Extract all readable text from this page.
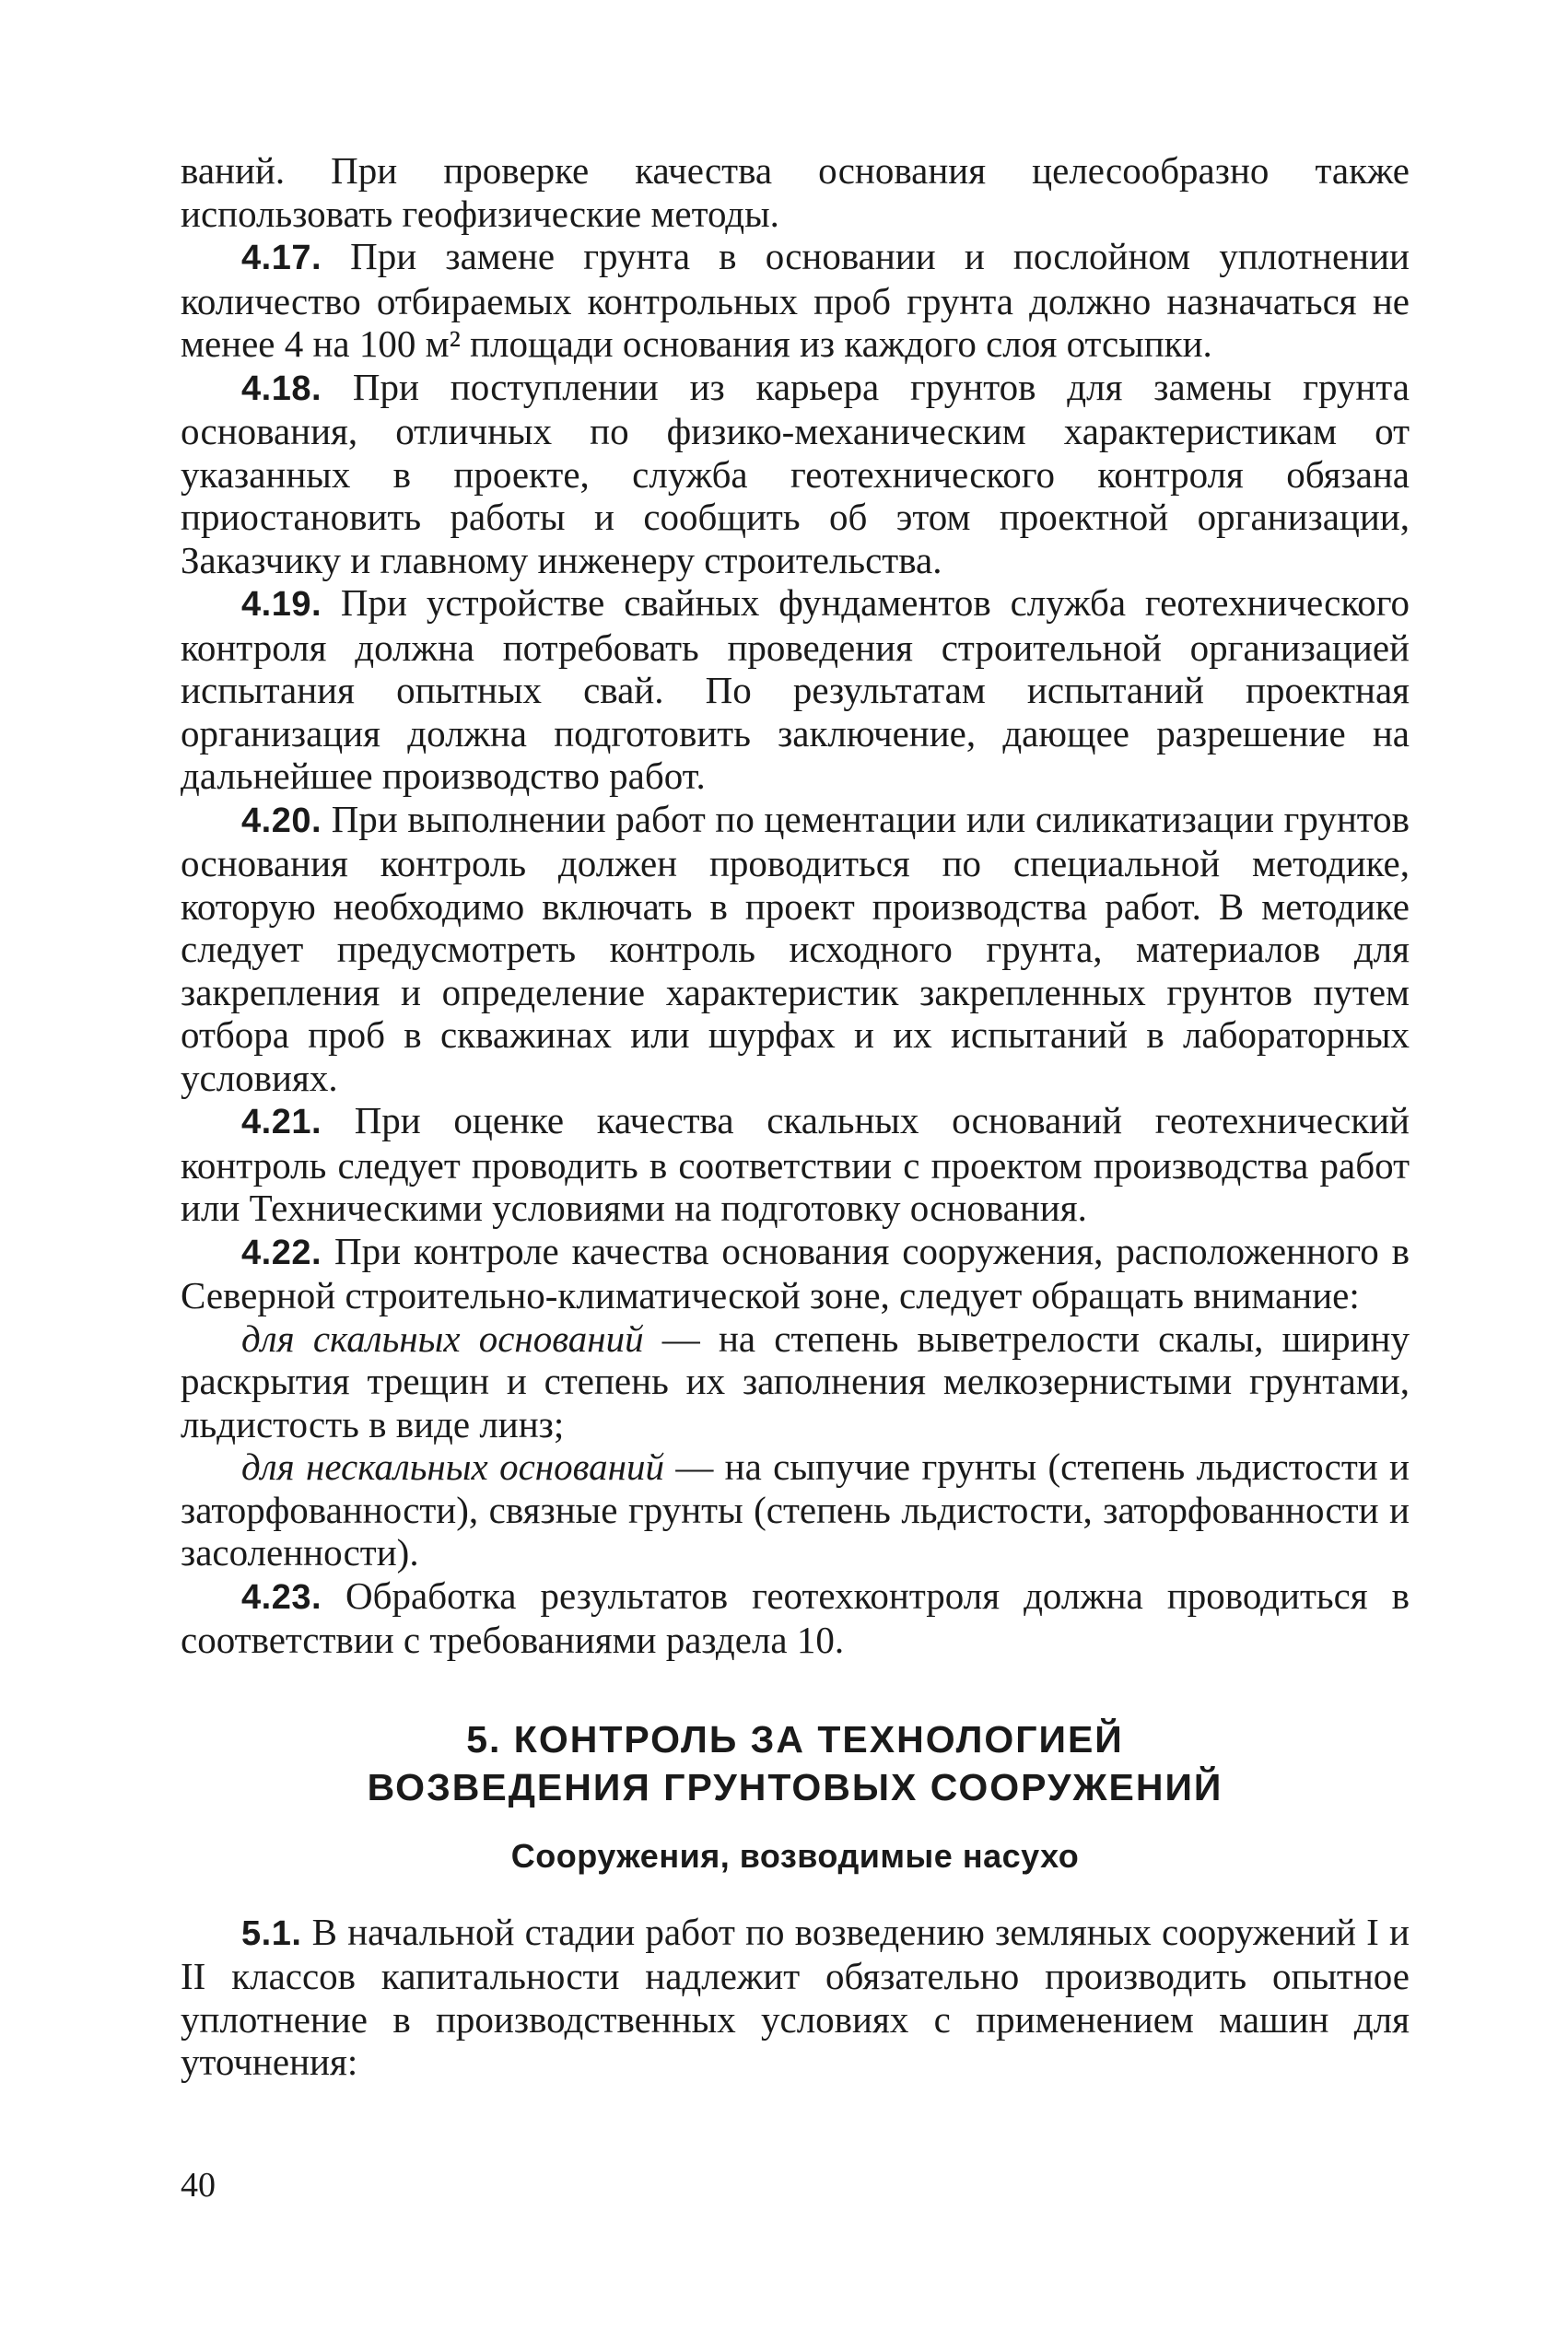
ваний. При проверке качества основания целесообразно также использовать геофизические методы.

4.17. При замене грунта в основании и послойном уплотнении количество отбираемых контрольных проб грунта должно назначаться не менее 4 на 100 м² площади основания из каждого слоя отсыпки.

4.18. При поступлении из карьера грунтов для замены грунта основания, отличных по физико-механическим характеристикам от указанных в проекте, служба геотехнического контроля обязана приостановить работы и сообщить об этом проектной организации, Заказчику и главному инженеру строительства.

4.19. При устройстве свайных фундаментов служба геотехнического контроля должна потребовать проведения строительной организацией испытания опытных свай. По результатам испытаний проектная организация должна подготовить заключение, дающее разрешение на дальнейшее производство работ.

4.20. При выполнении работ по цементации или силикатизации грунтов основания контроль должен проводиться по специальной методике, которую необходимо включать в проект производства работ. В методике следует предусмотреть контроль исходного грунта, материалов для закрепления и определение характеристик закрепленных грунтов путем отбора проб в скважинах или шурфах и их испытаний в лабораторных условиях.

4.21. При оценке качества скальных оснований геотехнический контроль следует проводить в соответствии с проектом производства работ или Техническими условиями на подготовку основания.

4.22. При контроле качества основания сооружения, расположенного в Северной строительно-климатической зоне, следует обращать внимание:

для скальных оснований — на степень выветрелости скалы, ширину раскрытия трещин и степень их заполнения мелкозернистыми грунтами, льдистость в виде линз;

для нескальных оснований — на сыпучие грунты (степень льдистости и заторфованности), связные грунты (степень льдистости, заторфованности и засоленности).

4.23. Обработка результатов геотехконтроля должна проводиться в соответствии с требованиями раздела 10.

5. КОНТРОЛЬ ЗА ТЕХНОЛОГИЕЙ
ВОЗВЕДЕНИЯ ГРУНТОВЫХ СООРУЖЕНИЙ
Сооружения, возводимые насухо

5.1. В начальной стадии работ по возведению земляных сооружений I и II классов капитальности надлежит обязательно производить опытное уплотнение в производственных условиях с применением машин для уточнения:

40
